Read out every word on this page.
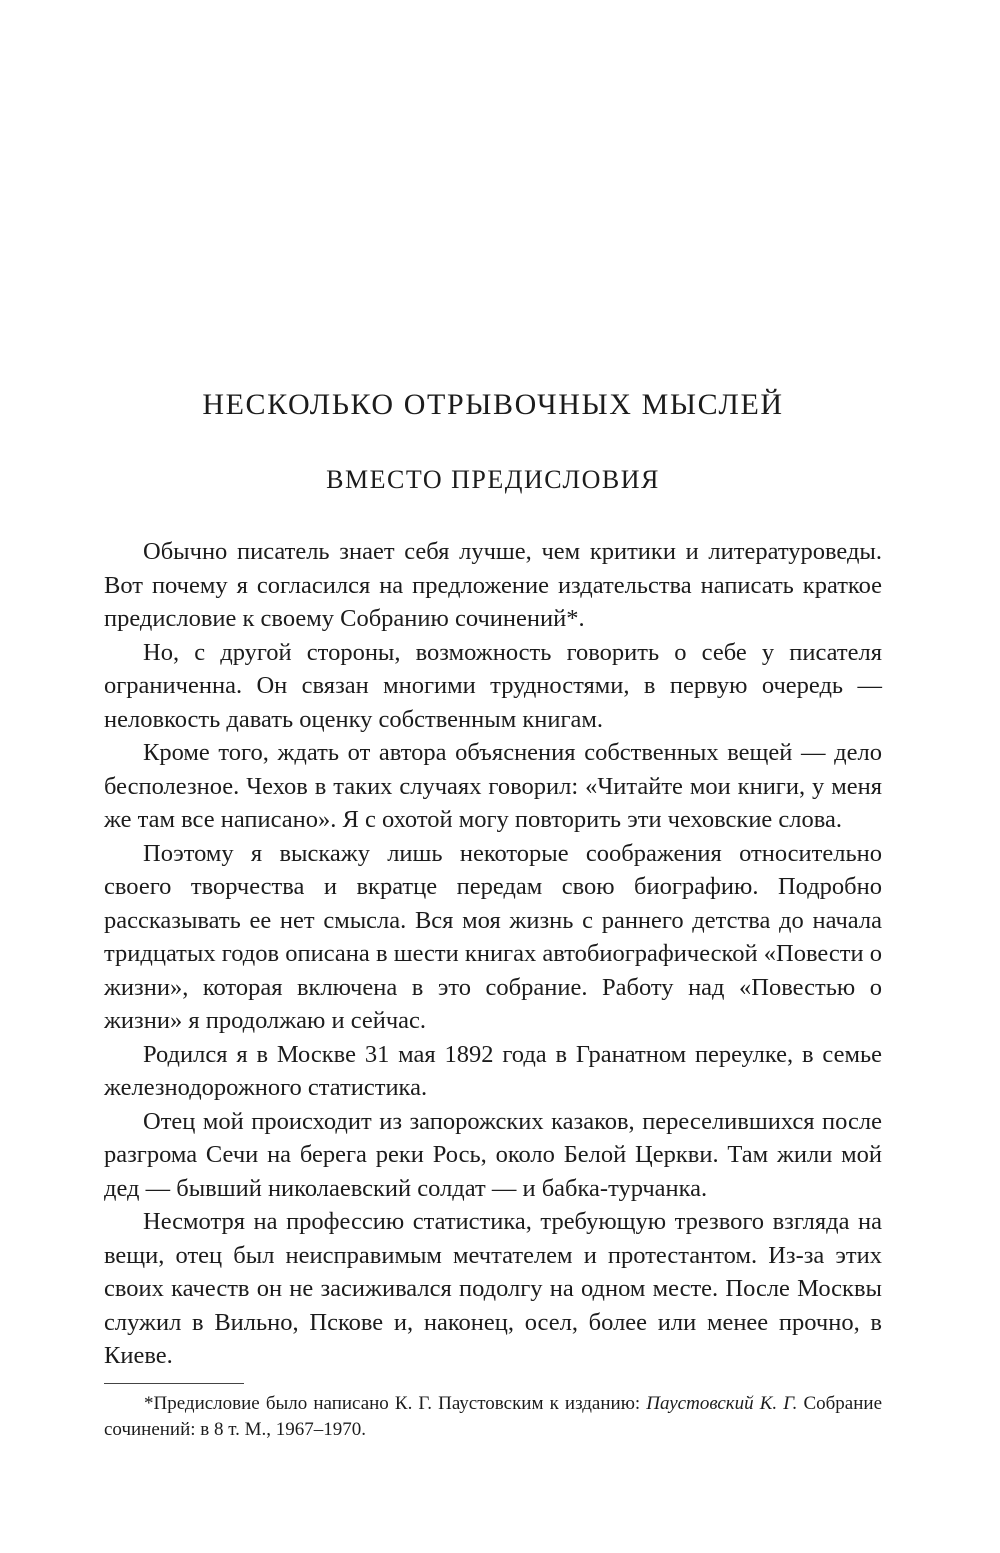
НЕСКОЛЬКО ОТРЫВОЧНЫХ МЫСЛЕЙ
ВМЕСТО ПРЕДИСЛОВИЯ

Обычно писатель знает себя лучше, чем критики и литературоведы. Вот почему я согласился на предложение издательства написать краткое предисловие к своему Собранию сочинений*.

Но, с другой стороны, возможность говорить о себе у писателя ограниченна. Он связан многими трудностями, в первую очередь — неловкость давать оценку собственным книгам.

Кроме того, ждать от автора объяснения собственных вещей — дело бесполезное. Чехов в таких случаях говорил: «Читайте мои книги, у меня же там все написано». Я с охотой могу повторить эти чеховские слова.

Поэтому я выскажу лишь некоторые соображения относительно своего творчества и вкратце передам свою биографию. Подробно рассказывать ее нет смысла. Вся моя жизнь с раннего детства до начала тридцатых годов описана в шести книгах автобиографической «Повести о жизни», которая включена в это собрание. Работу над «Повестью о жизни» я продолжаю и сейчас.

Родился я в Москве 31 мая 1892 года в Гранатном переулке, в семье железнодорожного статистика.

Отец мой происходит из запорожских казаков, переселившихся после разгрома Сечи на берега реки Рось, около Белой Церкви. Там жили мой дед — бывший николаевский солдат — и бабка-турчанка.

Несмотря на профессию статистика, требующую трезвого взгляда на вещи, отец был неисправимым мечтателем и протестантом. Из-за этих своих качеств он не засиживался подолгу на одном месте. После Москвы служил в Вильно, Пскове и, наконец, осел, более или менее прочно, в Киеве.

*Предисловие было написано К. Г. Паустовским к изданию: Паустовский К. Г. Собрание сочинений: в 8 т. М., 1967–1970.
